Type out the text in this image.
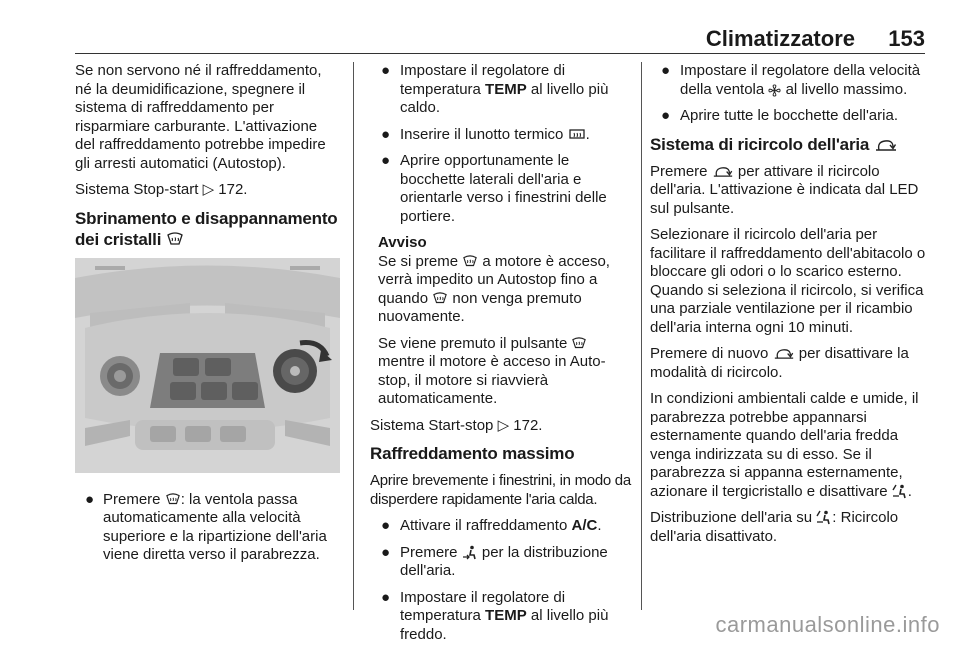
Climatizzatore 153

Se non servono né il raffreddamento, né la deumidificazione, spegnere il sistema di raffreddamento per risparmiare carburante. L'attivazione del raffreddamento potrebbe impedire gli arresti automatici (Autostop).

Sistema Stop-start ▷ 172.

Sbrinamento e disappannamento dei cristalli
● Premere : la ventola passa automaticamente alla velocità superiore e la ripartizione dell'aria viene diretta verso il parabrezza.
● Impostare il regolatore di temperatura TEMP al livello più caldo.
● Inserire il lunotto termico .
● Aprire opportunamente le bocchette laterali dell'aria e orientarle verso i finestrini delle portiere.

Avviso

Se si preme a motore è acceso, verrà impedito un Autostop fino a quando non venga premuto nuovamente.

Se viene premuto il pulsante  mentre il motore è acceso in Auto-stop, il motore si riavvierà automaticamente.

Sistema Start-stop ▷ 172.

Raffreddamento massimo

Aprire brevemente i finestrini, in modo da disperdere rapidamente l'aria calda.

● Attivare il raffreddamento A/C.
● Premere per la distribuzione dell'aria.
● Impostare il regolatore di temperatura TEMP al livello più freddo.
● Impostare il regolatore della velocità della ventola al livello massimo.
● Aprire tutte le bocchette dell'aria.
Sistema di ricircolo dell'aria

Premere per attivare il ricircolo dell'aria. L'attivazione è indicata dal LED sul pulsante.

Selezionare il ricircolo dell'aria per facilitare il raffreddamento dell'abitacolo o bloccare gli odori o lo scarico esterno. Quando si seleziona il ricircolo, si verifica una parziale ventilazione per il ricambio dell'aria interna ogni 10 minuti.

Premere di nuovo per disattivare la modalità di ricircolo.

In condizioni ambientali calde e umide, il parabrezza potrebbe appannarsi esternamente quando dell'aria fredda venga indirizzata su di esso. Se il parabrezza si appanna esternamente, azionare il tergicristallo e disattivare .

Distribuzione dell'aria su : Ricircolo dell'aria disattivato.

carmanualsonline.info
